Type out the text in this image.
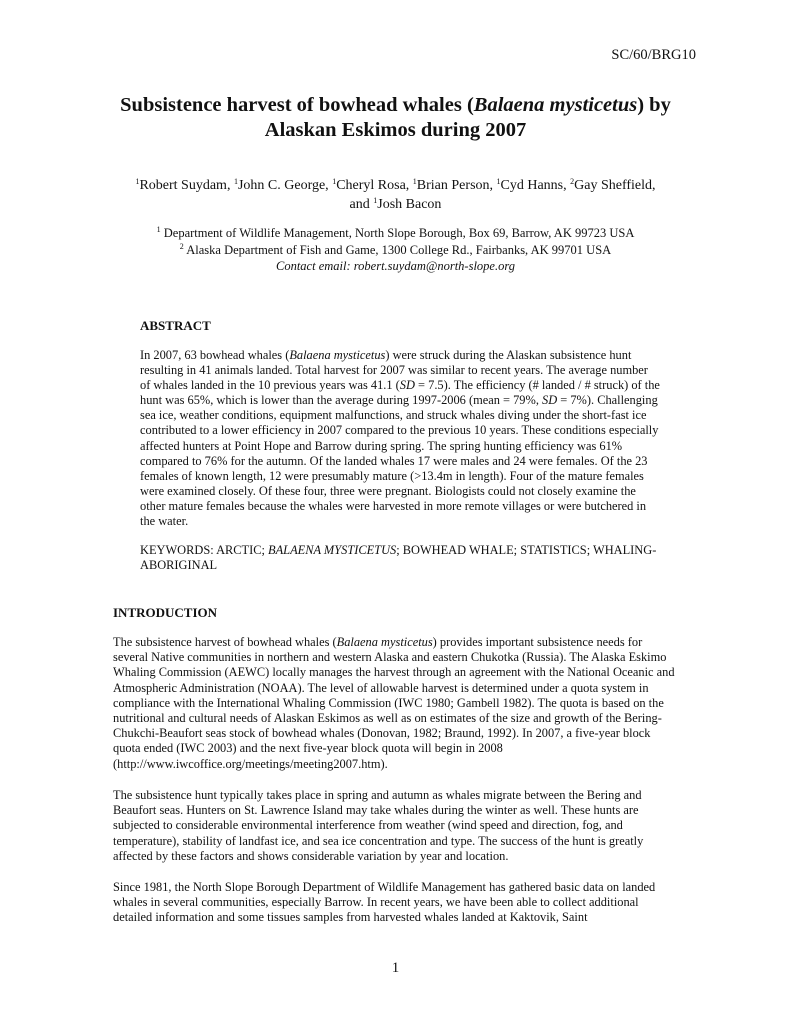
SC/60/BRG10

Subsistence harvest of bowhead whales (Balaena mysticetus) by Alaskan Eskimos during 2007

$^1$Robert Suydam, $^1$John C. George, $^1$Cheryl Rosa, $^1$Brian Person, $^1$Cyd Hanns, $^2$Gay Sheffield,
and $^1$Josh Bacon

$^1$ Department of Wildlife Management, North Slope Borough, Box 69, Barrow, AK 99723 USA
$^2$ Alaska Department of Fish and Game, 1300 College Rd., Fairbanks, AK 99701 USA
Contact email: robert.suydam@north-slope.org

ABSTRACT

In 2007, 63 bowhead whales (Balaena mysticetus) were struck during the Alaskan subsistence hunt resulting in 41 animals landed. Total harvest for 2007 was similar to recent years. The average number of whales landed in the 10 previous years was 41.1 (SD = 7.5). The efficiency (# landed / # struck) of the hunt was 65%, which is lower than the average during 1997-2006 (mean = 79%, SD = 7%). Challenging sea ice, weather conditions, equipment malfunctions, and struck whales diving under the short-fast ice contributed to a lower efficiency in 2007 compared to the previous 10 years. These conditions especially affected hunters at Point Hope and Barrow during spring. The spring hunting efficiency was 61% compared to 76% for the autumn. Of the landed whales 17 were males and 24 were females. Of the 23 females of known length, 12 were presumably mature (>13.4m in length). Four of the mature females were examined closely. Of these four, three were pregnant. Biologists could not closely examine the other mature females because the whales were harvested in more remote villages or were butchered in the water.

KEYWORDS: ARCTIC; BALAENA MYSTICETUS; BOWHEAD WHALE; STATISTICS; WHALING-ABORIGINAL

INTRODUCTION

The subsistence harvest of bowhead whales (Balaena mysticetus) provides important subsistence needs for several Native communities in northern and western Alaska and eastern Chukotka (Russia). The Alaska Eskimo Whaling Commission (AEWC) locally manages the harvest through an agreement with the National Oceanic and Atmospheric Administration (NOAA). The level of allowable harvest is determined under a quota system in compliance with the International Whaling Commission (IWC 1980; Gambell 1982). The quota is based on the nutritional and cultural needs of Alaskan Eskimos as well as on estimates of the size and growth of the Bering-Chukchi-Beaufort seas stock of bowhead whales (Donovan, 1982; Braund, 1992). In 2007, a five-year block quota ended (IWC 2003) and the next five-year block quota will begin in 2008 (http://www.iwcoffice.org/meetings/meeting2007.htm).

The subsistence hunt typically takes place in spring and autumn as whales migrate between the Bering and Beaufort seas. Hunters on St. Lawrence Island may take whales during the winter as well. These hunts are subjected to considerable environmental interference from weather (wind speed and direction, fog, and temperature), stability of landfast ice, and sea ice concentration and type. The success of the hunt is greatly affected by these factors and shows considerable variation by year and location.

Since 1981, the North Slope Borough Department of Wildlife Management has gathered basic data on landed whales in several communities, especially Barrow. In recent years, we have been able to collect additional detailed information and some tissues samples from harvested whales landed at Kaktovik, Saint

1
